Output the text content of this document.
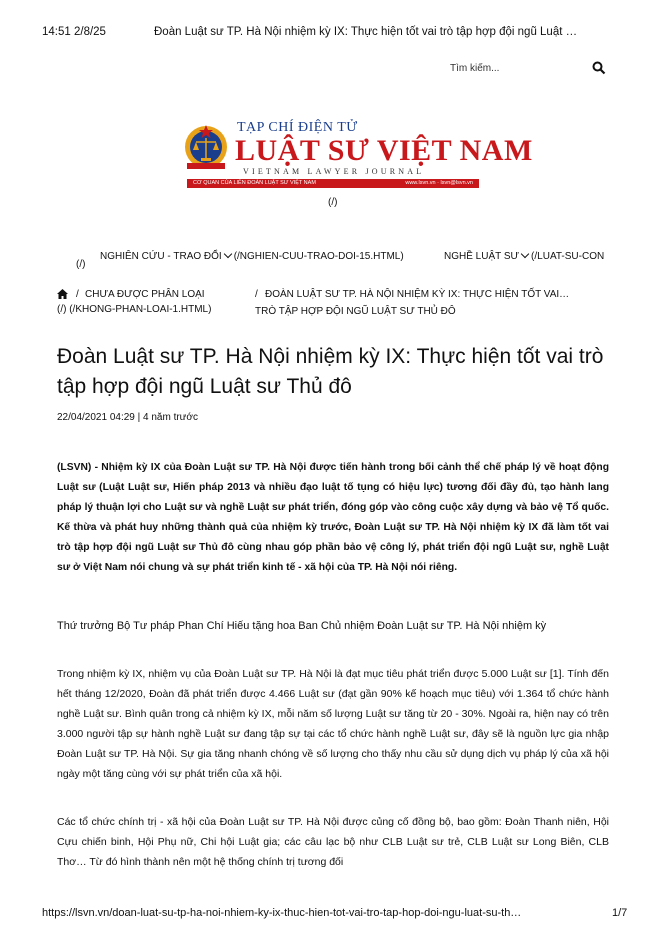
14:51 2/8/25	Đoàn Luật sư TP. Hà Nội nhiệm kỳ IX: Thực hiện tốt vai trò tập hợp đội ngũ Luật …
Tìm kiếm...
TẠP CHÍ ĐIỆN TỬ
LUẬT SƯ VIỆT NAM
VIETNAM LAWYER JOURNAL
CƠ QUAN CỦA LIÊN ĐOÀN LUẬT SƯ VIỆT NAM	www.lsvn.vn · lsvn@lsvn.vn
(/)
(/)
NGHIÊN CỨU - TRAO ĐỔI (/NGHIEN-CUU-TRAO-DOI-15.HTML)	NGHỀ LUẬT SƯ (/LUAT-SU-CON
/ CHƯA ĐƯỢC PHÂN LOẠI
(/) (/KHONG-PHAN-LOAI-1.HTML)
/ ĐOÀN LUẬT SƯ TP. HÀ NỘI NHIỆM KỲ IX: THỰC HIỆN TỐT VAI…
TRÒ TẬP HỢP ĐỘI NGŨ LUẬT SƯ THỦ ĐÔ
Đoàn Luật sư TP. Hà Nội nhiệm kỳ IX: Thực hiện tốt vai trò tập hợp đội ngũ Luật sư Thủ đô
22/04/2021 04:29 | 4 năm trước

(LSVN) - Nhiệm kỳ IX của Đoàn Luật sư TP. Hà Nội được tiến hành trong bối cảnh thể chế pháp lý về hoạt động Luật sư (Luật Luật sư, Hiến pháp 2013 và nhiều đạo luật tố tụng có hiệu lực) tương đối đầy đủ, tạo hành lang pháp lý thuận lợi cho Luật sư và nghề Luật sư phát triển, đóng góp vào công cuộc xây dựng và bảo vệ Tổ quốc. Kế thừa và phát huy những thành quả của nhiệm kỳ trước, Đoàn Luật sư TP. Hà Nội nhiệm kỳ IX đã làm tốt vai trò tập hợp đội ngũ Luật sư Thủ đô cùng nhau góp phần bảo vệ công lý, phát triển đội ngũ Luật sư, nghề Luật sư ở Việt Nam nói chung và sự phát triển kinh tế - xã hội của TP. Hà Nội nói riêng.

Thứ trưởng Bộ Tư pháp Phan Chí Hiếu tặng hoa Ban Chủ nhiệm Đoàn Luật sư TP. Hà Nội nhiệm kỳ

Trong nhiệm kỳ IX, nhiệm vụ của Đoàn Luật sư TP. Hà Nội là đạt mục tiêu phát triển được 5.000 Luật sư [1]. Tính đến hết tháng 12/2020, Đoàn đã phát triển được 4.466 Luật sư (đạt gần 90% kế hoạch mục tiêu) với 1.364 tổ chức hành nghề Luật sư. Bình quân trong cả nhiệm kỳ IX, mỗi năm số lượng Luật sư tăng từ 20 - 30%. Ngoài ra, hiện nay có trên 3.000 người tập sự hành nghề Luật sư đang tập sự tại các tổ chức hành nghề Luật sư, đây sẽ là nguồn lực gia nhập Đoàn Luật sư TP. Hà Nội. Sự gia tăng nhanh chóng về số lượng cho thấy nhu cầu sử dụng dịch vụ pháp lý của xã hội ngày một tăng cùng với sự phát triển của xã hội.

Các tổ chức chính trị - xã hội của Đoàn Luật sư TP. Hà Nội được củng cố đồng bộ, bao gồm: Đoàn Thanh niên, Hội Cựu chiến binh, Hội Phụ nữ, Chi hội Luật gia; các câu lạc bộ như CLB Luật sư trẻ, CLB Luật sư Long Biên, CLB Thơ… Từ đó hình thành nên một hệ thống chính trị tương đối

https://lsvn.vn/doan-luat-su-tp-ha-noi-nhiem-ky-ix-thuc-hien-tot-vai-tro-tap-hop-doi-ngu-luat-su-th…	1/7
